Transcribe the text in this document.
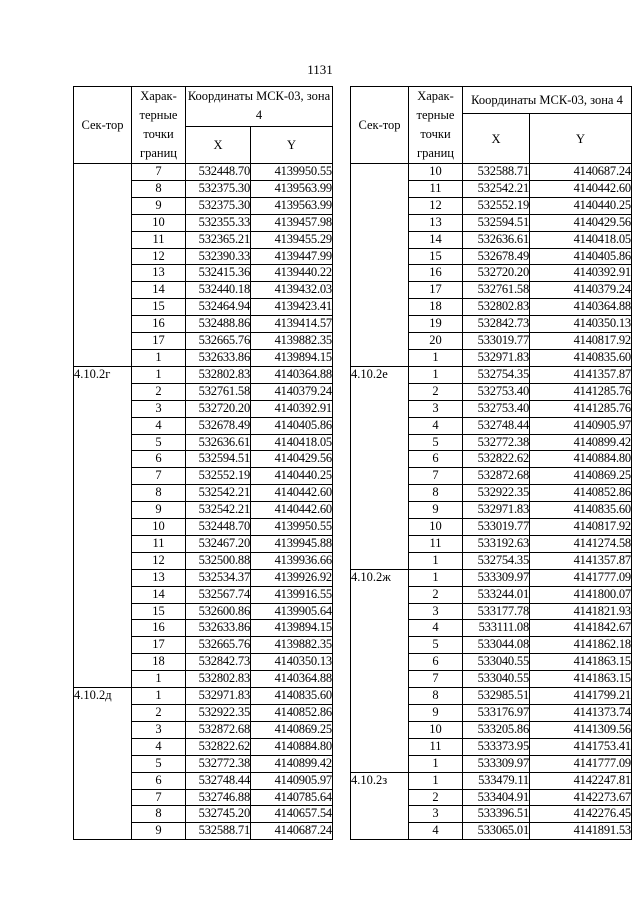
1131
Сек-тор	Харак-терные точки границ	Координаты МСК-03, зона 4	
		X	Y
	7	532448.70	4139950.55
	8	532375.30	4139563.99
	9	532375.30	4139563.99
	10	532355.33	4139457.98
	11	532365.21	4139455.29
	12	532390.33	4139447.99
	13	532415.36	4139440.22
	14	532440.18	4139432.03
	15	532464.94	4139423.41
	16	532488.86	4139414.57
	17	532665.76	4139882.35
	1	532633.86	4139894.15
4.10.2г	1	532802.83	4140364.88
	2	532761.58	4140379.24
	3	532720.20	4140392.91
	4	532678.49	4140405.86
	5	532636.61	4140418.05
	6	532594.51	4140429.56
	7	532552.19	4140440.25
	8	532542.21	4140442.60
	9	532542.21	4140442.60
	10	532448.70	4139950.55
	11	532467.20	4139945.88
	12	532500.88	4139936.66
	13	532534.37	4139926.92
	14	532567.74	4139916.55
	15	532600.86	4139905.64
	16	532633.86	4139894.15
	17	532665.76	4139882.35
	18	532842.73	4140350.13
	1	532802.83	4140364.88
4.10.2д	1	532971.83	4140835.60
	2	532922.35	4140852.86
	3	532872.68	4140869.25
	4	532822.62	4140884.80
	5	532772.38	4140899.42
	6	532748.44	4140905.97
	7	532746.88	4140785.64
	8	532745.20	4140657.54
	9	532588.71	4140687.24
Сек-тор	Харак-терные точки границ	Координаты МСК-03, зона 4	
		X	Y
	10	532588.71	4140687.24
	11	532542.21	4140442.60
	12	532552.19	4140440.25
	13	532594.51	4140429.56
	14	532636.61	4140418.05
	15	532678.49	4140405.86
	16	532720.20	4140392.91
	17	532761.58	4140379.24
	18	532802.83	4140364.88
	19	532842.73	4140350.13
	20	533019.77	4140817.92
	1	532971.83	4140835.60
4.10.2е	1	532754.35	4141357.87
	2	532753.40	4141285.76
	3	532753.40	4141285.76
	4	532748.44	4140905.97
	5	532772.38	4140899.42
	6	532822.62	4140884.80
	7	532872.68	4140869.25
	8	532922.35	4140852.86
	9	532971.83	4140835.60
	10	533019.77	4140817.92
	11	533192.63	4141274.58
	1	532754.35	4141357.87
4.10.2ж	1	533309.97	4141777.09
	2	533244.01	4141800.07
	3	533177.78	4141821.93
	4	533111.08	4141842.67
	5	533044.08	4141862.18
	6	533040.55	4141863.15
	7	533040.55	4141863.15
	8	532985.51	4141799.21
	9	533176.97	4141373.74
	10	533205.86	4141309.56
	11	533373.95	4141753.41
	1	533309.97	4141777.09
4.10.2з	1	533479.11	4142247.81
	2	533404.91	4142273.67
	3	533396.51	4142276.45
	4	533065.01	4141891.53
